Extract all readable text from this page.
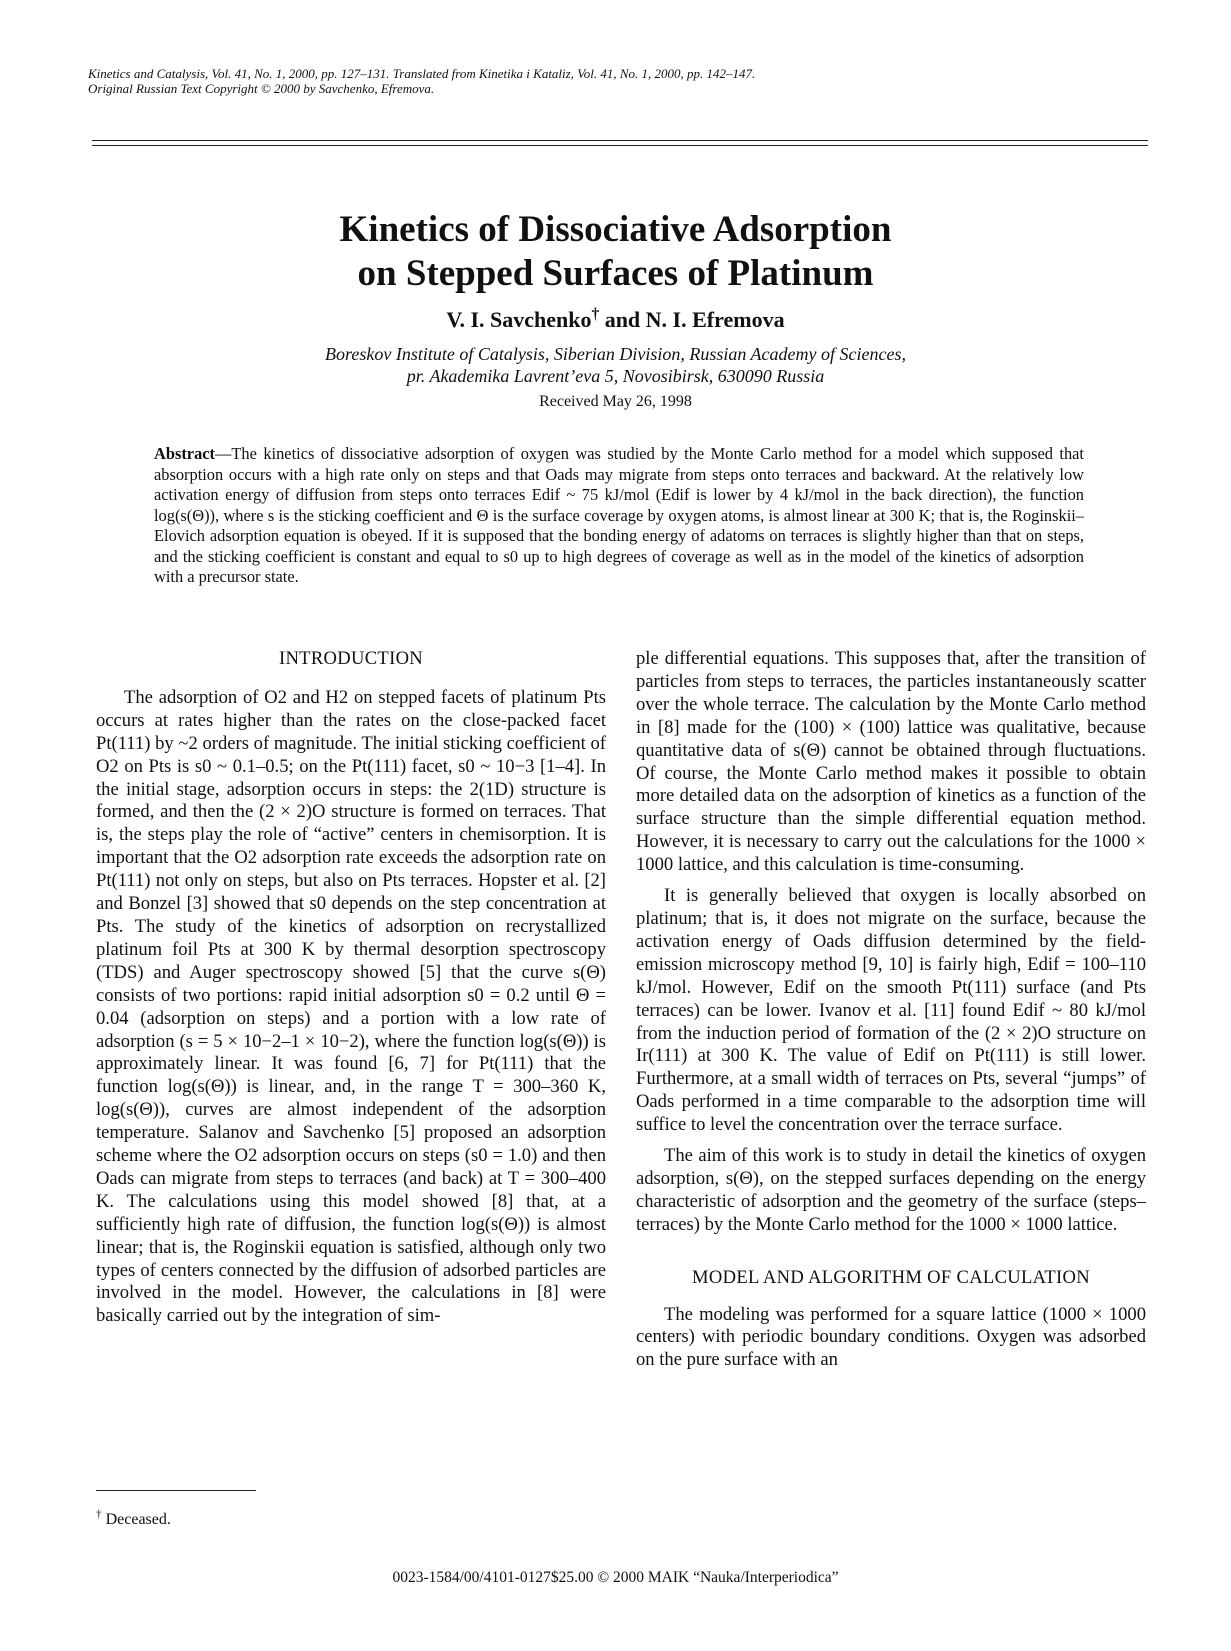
Kinetics and Catalysis, Vol. 41, No. 1, 2000, pp. 127–131. Translated from Kinetika i Kataliz, Vol. 41, No. 1, 2000, pp. 142–147.
Original Russian Text Copyright © 2000 by Savchenko, Efremova.
Kinetics of Dissociative Adsorption
on Stepped Surfaces of Platinum
V. I. Savchenko† and N. I. Efremova
Boreskov Institute of Catalysis, Siberian Division, Russian Academy of Sciences,
pr. Akademika Lavrent’eva 5, Novosibirsk, 630090 Russia
Received May 26, 1998
Abstract—The kinetics of dissociative adsorption of oxygen was studied by the Monte Carlo method for a model which supposed that absorption occurs with a high rate only on steps and that Oads may migrate from steps onto terraces and backward. At the relatively low activation energy of diffusion from steps onto terraces Edif ~ 75 kJ/mol (Edif is lower by 4 kJ/mol in the back direction), the function log(s(Θ)), where s is the sticking coefficient and Θ is the surface coverage by oxygen atoms, is almost linear at 300 K; that is, the Roginskii–Elovich adsorption equation is obeyed. If it is supposed that the bonding energy of adatoms on terraces is slightly higher than that on steps, and the sticking coefficient is constant and equal to s0 up to high degrees of coverage as well as in the model of the kinetics of adsorption with a precursor state.
INTRODUCTION

The adsorption of O2 and H2 on stepped facets of platinum Pts occurs at rates higher than the rates on the close-packed facet Pt(111) by ~2 orders of magnitude. The initial sticking coefficient of O2 on Pts is s0 ~ 0.1–0.5; on the Pt(111) facet, s0 ~ 10−3 [1–4]. In the initial stage, adsorption occurs in steps: the 2(1D) structure is formed, and then the (2 × 2)O structure is formed on terraces. That is, the steps play the role of “active” centers in chemisorption. It is important that the O2 adsorption rate exceeds the adsorption rate on Pt(111) not only on steps, but also on Pts terraces. Hopster et al. [2] and Bonzel [3] showed that s0 depends on the step concentration at Pts. The study of the kinetics of adsorption on recrystallized platinum foil Pts at 300 K by thermal desorption spectroscopy (TDS) and Auger spectroscopy showed [5] that the curve s(Θ) consists of two portions: rapid initial adsorption s0 = 0.2 until Θ = 0.04 (adsorption on steps) and a portion with a low rate of adsorption (s = 5 × 10−2–1 × 10−2), where the function log(s(Θ)) is approximately linear. It was found [6, 7] for Pt(111) that the function log(s(Θ)) is linear, and, in the range T = 300–360 K, log(s(Θ)), curves are almost independent of the adsorption temperature. Salanov and Savchenko [5] proposed an adsorption scheme where the O2 adsorption occurs on steps (s0 = 1.0) and then Oads can migrate from steps to terraces (and back) at T = 300–400 K. The calculations using this model showed [8] that, at a sufficiently high rate of diffusion, the function log(s(Θ)) is almost linear; that is, the Roginskii equation is satisfied, although only two types of centers connected by the diffusion of adsorbed particles are involved in the model. However, the calculations in [8] were basically carried out by the integration of sim-

ple differential equations. This supposes that, after the transition of particles from steps to terraces, the particles instantaneously scatter over the whole terrace. The calculation by the Monte Carlo method in [8] made for the (100) × (100) lattice was qualitative, because quantitative data of s(Θ) cannot be obtained through fluctuations. Of course, the Monte Carlo method makes it possible to obtain more detailed data on the adsorption of kinetics as a function of the surface structure than the simple differential equation method. However, it is necessary to carry out the calculations for the 1000 × 1000 lattice, and this calculation is time-consuming.

It is generally believed that oxygen is locally absorbed on platinum; that is, it does not migrate on the surface, because the activation energy of Oads diffusion determined by the field-emission microscopy method [9, 10] is fairly high, Edif = 100–110 kJ/mol. However, Edif on the smooth Pt(111) surface (and Pts terraces) can be lower. Ivanov et al. [11] found Edif ~ 80 kJ/mol from the induction period of formation of the (2 × 2)O structure on Ir(111) at 300 K. The value of Edif on Pt(111) is still lower. Furthermore, at a small width of terraces on Pts, several “jumps” of Oads performed in a time comparable to the adsorption time will suffice to level the concentration over the terrace surface.

The aim of this work is to study in detail the kinetics of oxygen adsorption, s(Θ), on the stepped surfaces depending on the energy characteristic of adsorption and the geometry of the surface (steps–terraces) by the Monte Carlo method for the 1000 × 1000 lattice.

MODEL AND ALGORITHM OF CALCULATION

The modeling was performed for a square lattice (1000 × 1000 centers) with periodic boundary conditions. Oxygen was adsorbed on the pure surface with an

† Deceased.
0023-1584/00/4101-0127$25.00 © 2000 MAIK “Nauka/Interperiodica”
